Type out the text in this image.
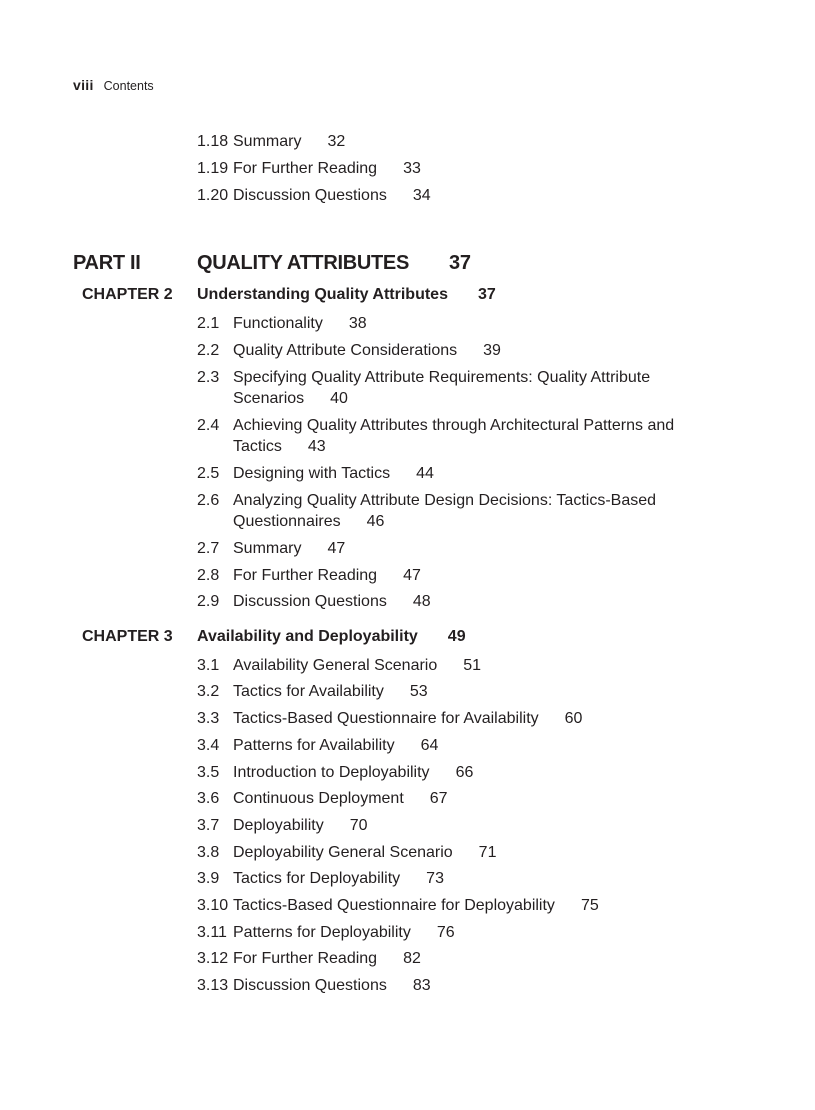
viii Contents
1.18 Summary 32
1.19 For Further Reading 33
1.20 Discussion Questions 34
PART II	QUALITY ATTRIBUTES 37
CHAPTER 2 Understanding Quality Attributes 37
2.1 Functionality 38
2.2 Quality Attribute Considerations 39
2.3 Specifying Quality Attribute Requirements: Quality Attribute Scenarios 40
2.4 Achieving Quality Attributes through Architectural Patterns and Tactics 43
2.5 Designing with Tactics 44
2.6 Analyzing Quality Attribute Design Decisions: Tactics-Based Questionnaires 46
2.7 Summary 47
2.8 For Further Reading 47
2.9 Discussion Questions 48
CHAPTER 3 Availability and Deployability 49
3.1 Availability General Scenario 51
3.2 Tactics for Availability 53
3.3 Tactics-Based Questionnaire for Availability 60
3.4 Patterns for Availability 64
3.5 Introduction to Deployability 66
3.6 Continuous Deployment 67
3.7 Deployability 70
3.8 Deployability General Scenario 71
3.9 Tactics for Deployability 73
3.10 Tactics-Based Questionnaire for Deployability 75
3.11 Patterns for Deployability 76
3.12 For Further Reading 82
3.13 Discussion Questions 83
